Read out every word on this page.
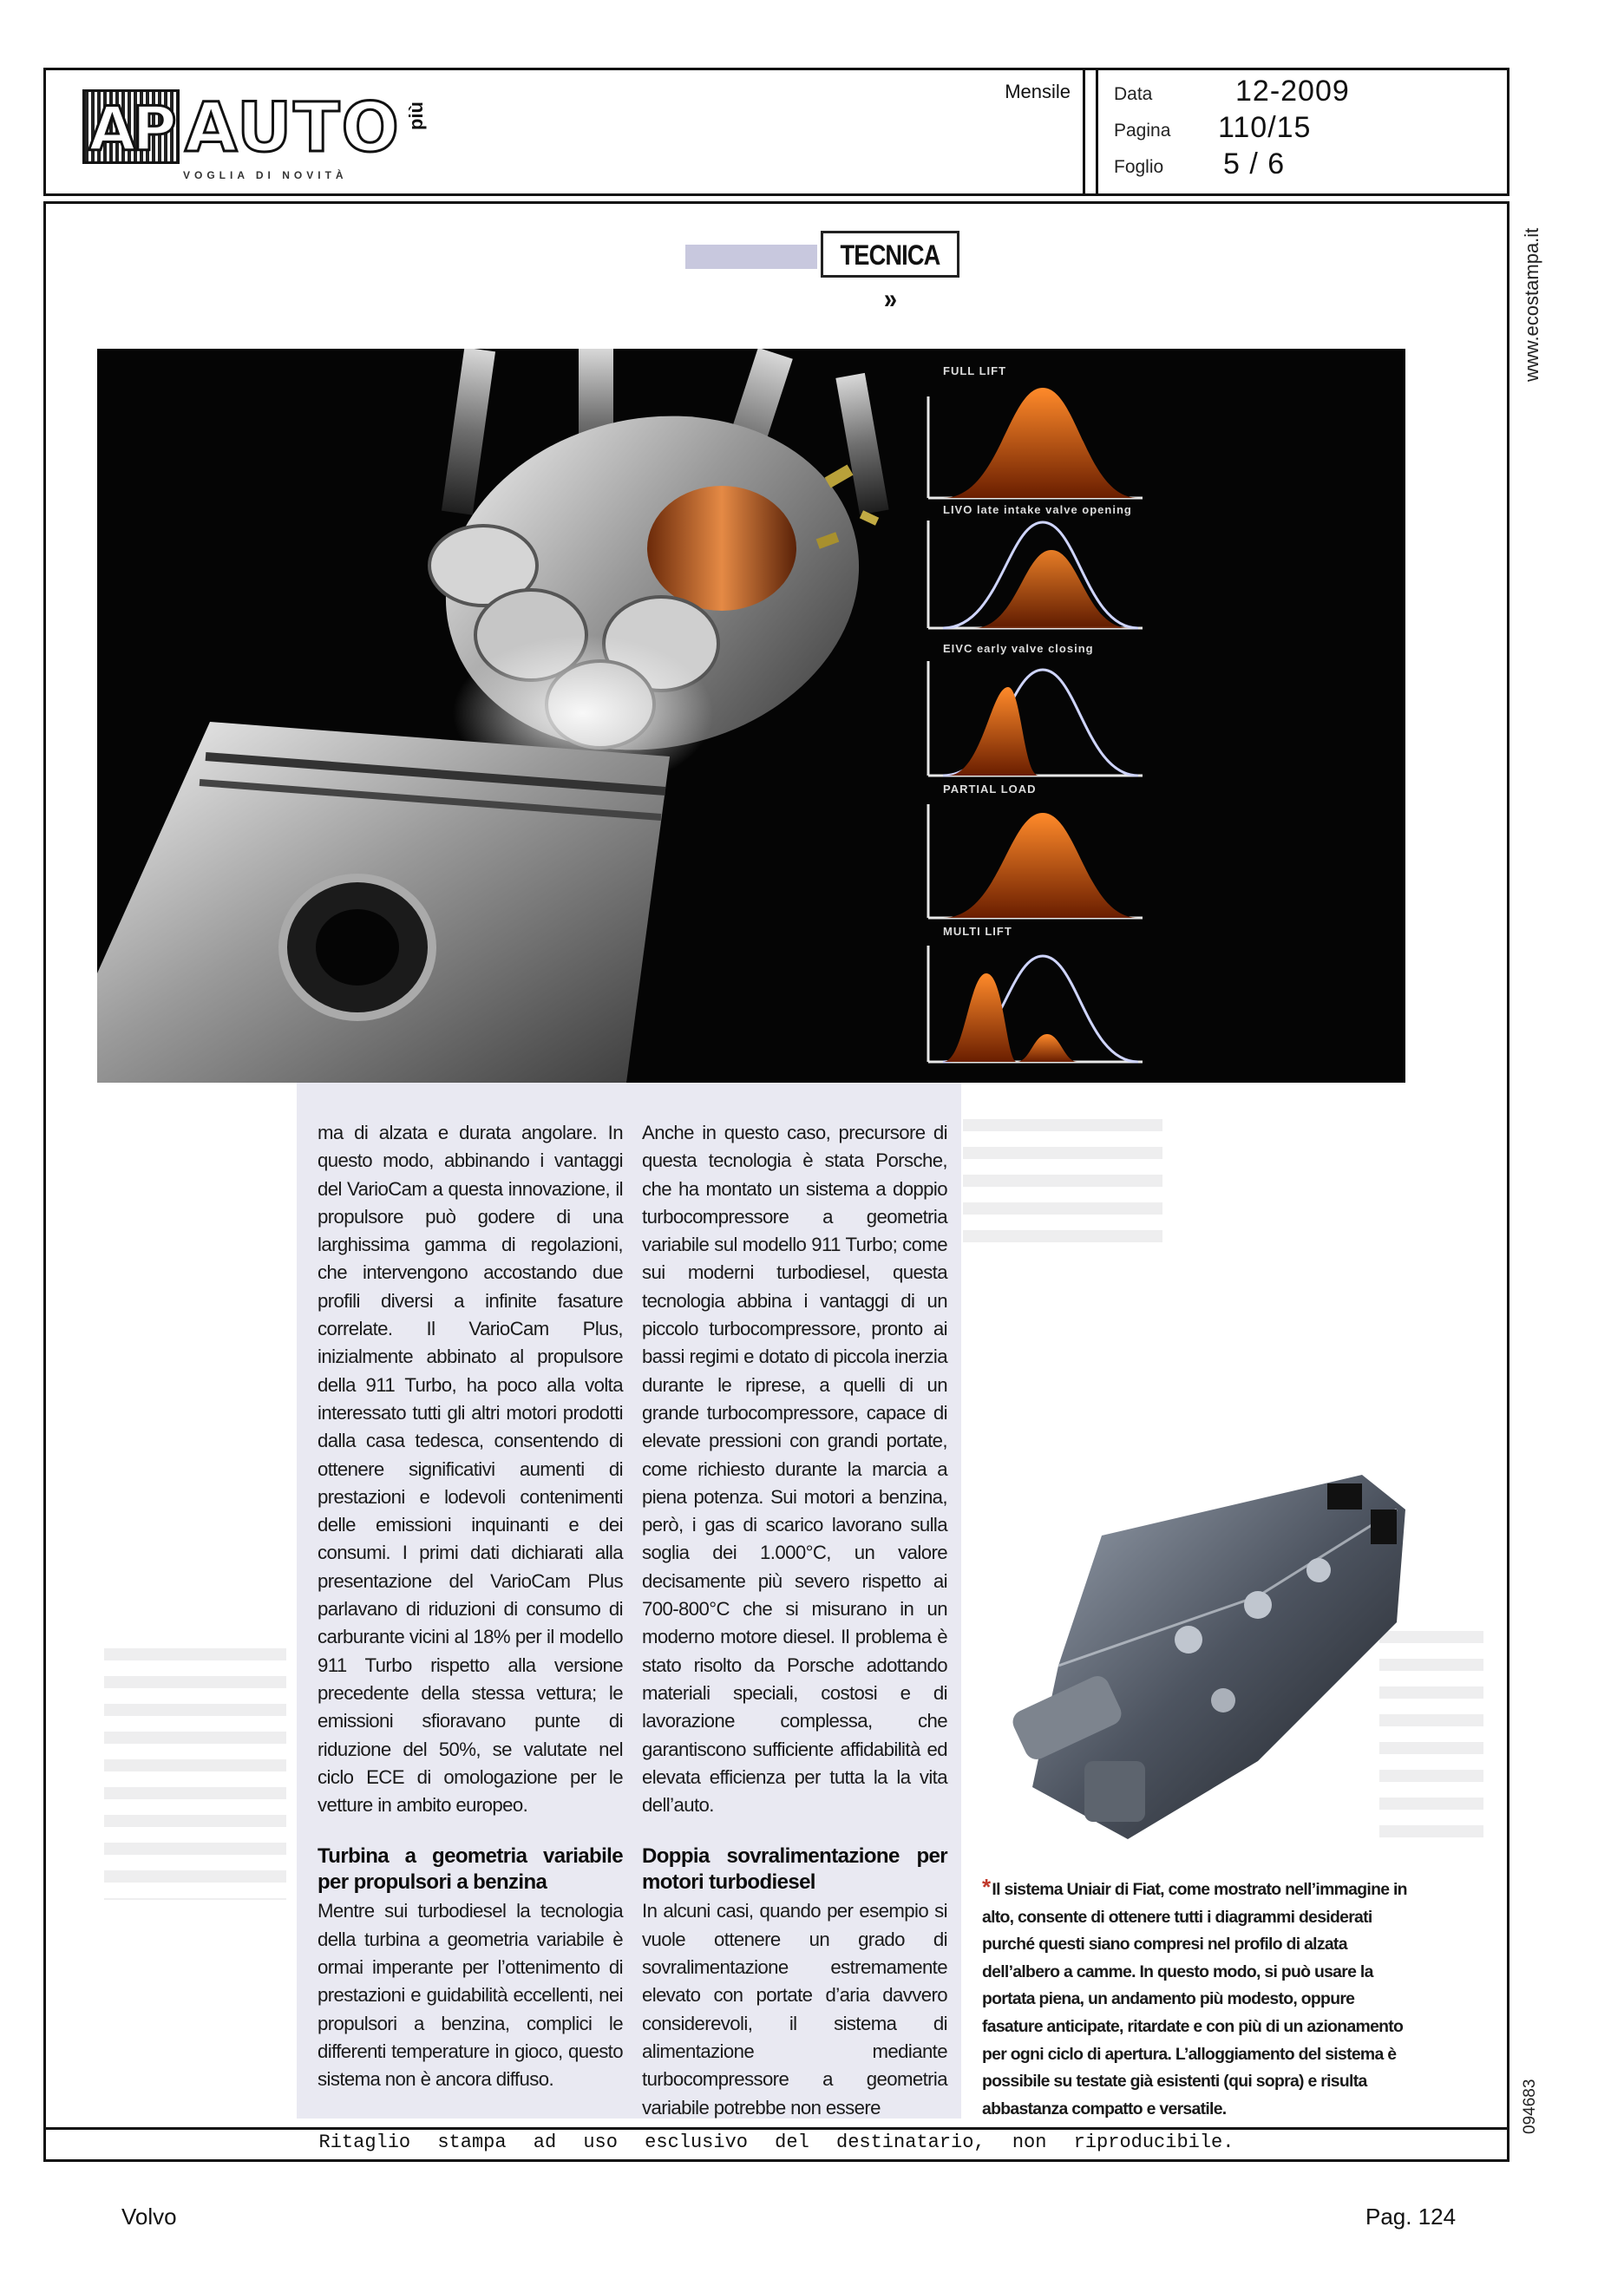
AP AUTO più
VOGLIA DI NOVITÀ
Mensile Data	12-2009
Pagina 110/15
Foglio 5 / 6
www.ecostampa.it
094683
TECNICA »
FULL LIFT
LIVO late intake valve opening
EIVC early valve closing
PARTIAL LOAD
MULTI LIFT
ma di alzata e durata angolare. In questo modo, abbinando i vantaggi del VarioCam a questa innovazione, il propulsore può godere di una larghissima gamma di regolazioni, che intervengono accostando due profili diversi a infinite fasature correlate. Il VarioCam Plus, inizialmente abbinato al propulsore della 911 Turbo, ha poco alla volta interessato tutti gli altri motori prodotti dalla casa tedesca, consentendo di ottenere significativi aumenti di prestazioni e lodevoli contenimenti delle emissioni inquinanti e dei consumi. I primi dati dichiarati alla presentazione del VarioCam Plus parlavano di riduzioni di consumo di carburante vicini al 18% per il modello 911 Turbo rispetto alla versione precedente della stessa vettura; le emissioni sfioravano punte di riduzione del 50%, se valutate nel ciclo ECE di omologazione per le vetture in ambito europeo.
Turbina a geometria variabile per propulsori a benzina
Mentre sui turbodiesel la tecnologia della turbina a geometria variabile è ormai imperante per l’ottenimento di prestazioni e guidabilità eccellenti, nei propulsori a benzina, complici le differenti temperature in gioco, questo sistema non è ancora diffuso.
Anche in questo caso, precursore di questa tecnologia è stata Porsche, che ha montato un sistema a doppio turbocompressore a geometria variabile sul modello 911 Turbo; come sui moderni turbodiesel, questa tecnologia abbina i vantaggi di un piccolo turbocompressore, pronto ai bassi regimi e dotato di piccola inerzia durante le riprese, a quelli di un grande turbocompressore, capace di elevate pressioni con grandi portate, come richiesto durante la marcia a piena potenza. Sui motori a benzina, però, i gas di scarico lavorano sulla soglia dei 1.000°C, un valore decisamente più severo rispetto ai 700-800°C che si misurano in un moderno motore diesel. Il problema è stato risolto da Porsche adottando materiali speciali, costosi e di lavorazione complessa, che garantiscono sufficiente affidabilità ed elevata efficienza per tutta la la vita dell’auto.
Doppia sovralimentazione per motori turbodiesel
In alcuni casi, quando per esempio si vuole ottenere un grado di sovralimentazione estremamente elevato con portate d’aria davvero considerevoli, il sistema di alimentazione mediante turbocompressore a geometria variabile potrebbe non essere
* Il sistema Uniair di Fiat, come mostrato nell’immagine in alto, consente di ottenere tutti i diagrammi desiderati purché questi siano compresi nel profilo di alzata dell’albero a camme. In questo modo, si può usare la portata piena, un andamento più modesto, oppure fasature anticipate, ritardate e con più di un azionamento per ogni ciclo di apertura. L’alloggiamento del sistema è possibile su testate già esistenti (qui sopra) e risulta abbastanza compatto e versatile.
Ritaglio stampa ad uso esclusivo del destinatario, non riproducibile.
Volvo	Pag. 124
